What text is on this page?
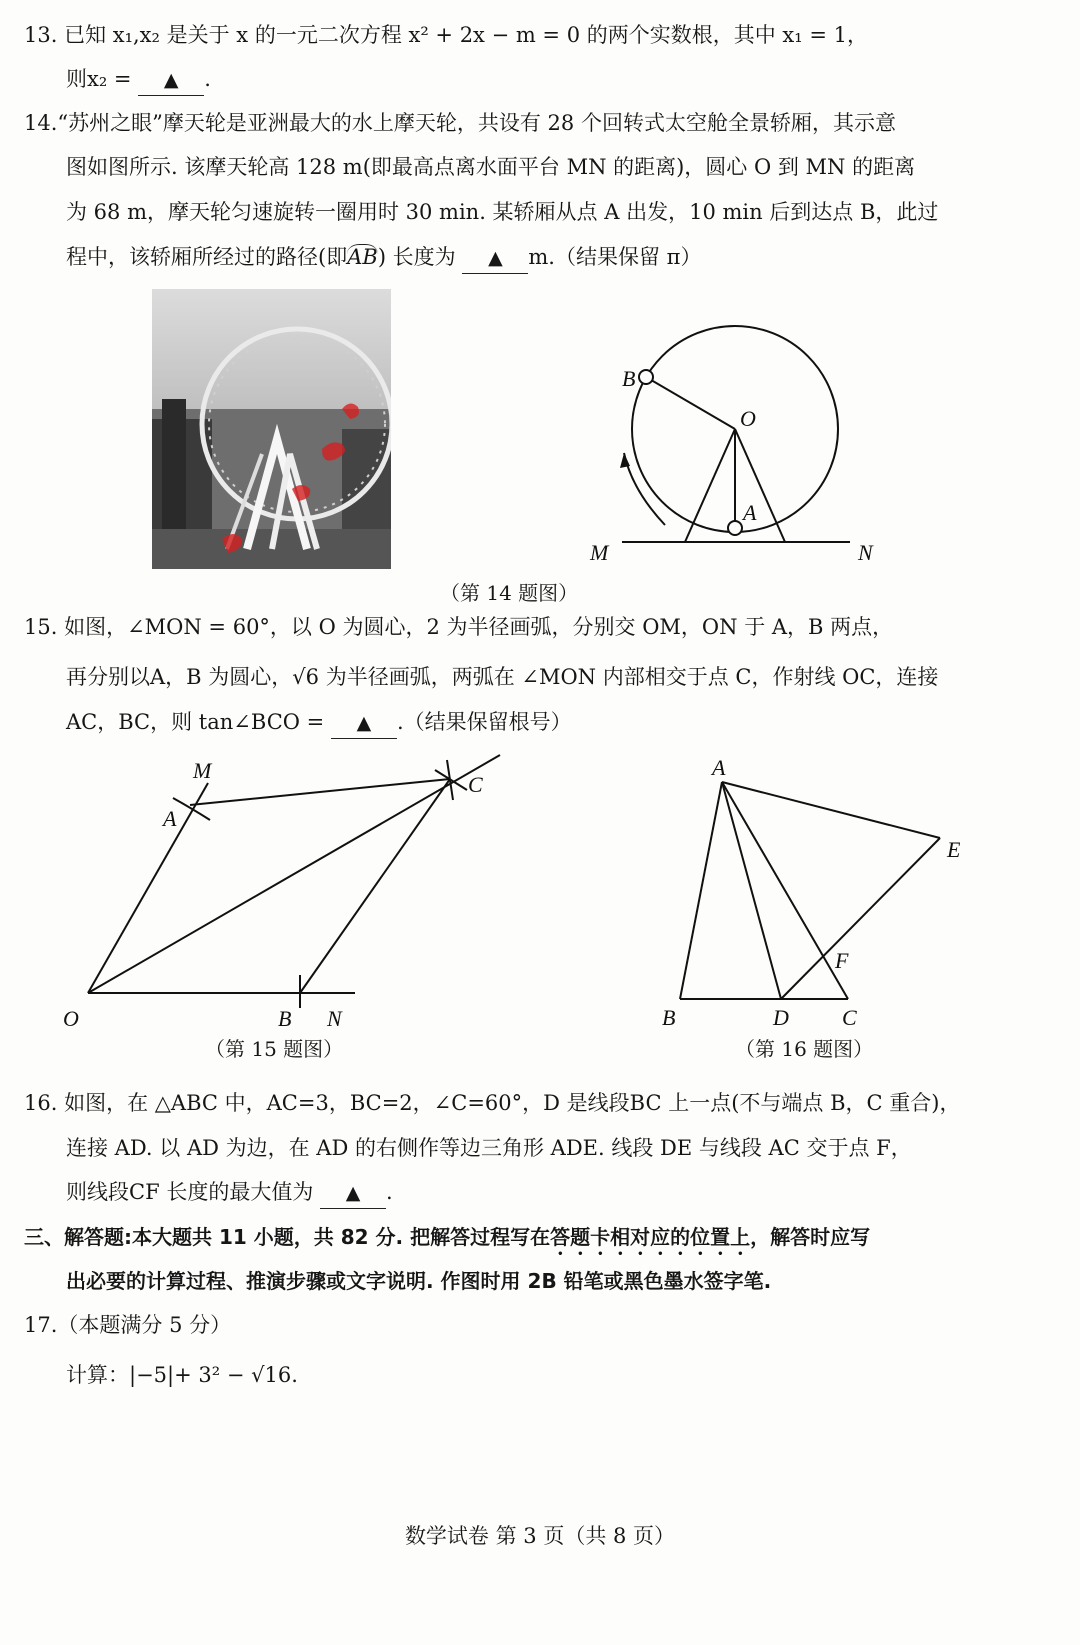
13. 已知 x₁,x₂ 是关于 x 的一元二次方程 x² + 2x − m = 0 的两个实数根，其中 x₁ = 1，
则x₂ = ▲ .
14.“苏州之眼”摩天轮是亚洲最大的水上摩天轮，共设有 28 个回转式太空舱全景轿厢，其示意
图如图所示. 该摩天轮高 128 m(即最高点离水面平台 MN 的距离)，圆心 O 到 MN 的距离
为 68 m，摩天轮匀速旋转一圈用时 30 min. 某轿厢从点 A 出发，10 min 后到达点 B，此过
程中，该轿厢所经过的路径(即AB) 长度为 ▲ m.（结果保留 π）
B
O
A
M	N
（第 14 题图）
15. 如图，∠MON = 60°，以 O 为圆心，2 为半径画弧，分别交 OM，ON 于 A，B 两点，
再分别以A，B 为圆心，√6 为半径画弧，两弧在 ∠MON 内部相交于点 C，作射线 OC，连接
AC，BC，则 tan∠BCO = ▲ .（结果保留根号）
M
A
C
O	B N
（第 15 题图）
A
E
F
B	D C
（第 16 题图）
16. 如图，在 △ABC 中，AC=3，BC=2，∠C=60°，D 是线段BC 上一点(不与端点 B，C 重合)，
连接 AD. 以 AD 为边，在 AD 的右侧作等边三角形 ADE. 线段 DE 与线段 AC 交于点 F，
则线段CF 长度的最大值为 ▲ .
三、解答题:本大题共 11 小题，共 82 分. 把解答过程写在答题卡相对应的位置上，解答时应写
出必要的计算过程、推演步骤或文字说明. 作图时用 2B 铅笔或黑色墨水签字笔.
17.（本题满分 5 分）
计算：|−5|+ 3² − √16.
数学试卷 第 3 页（共 8 页）
